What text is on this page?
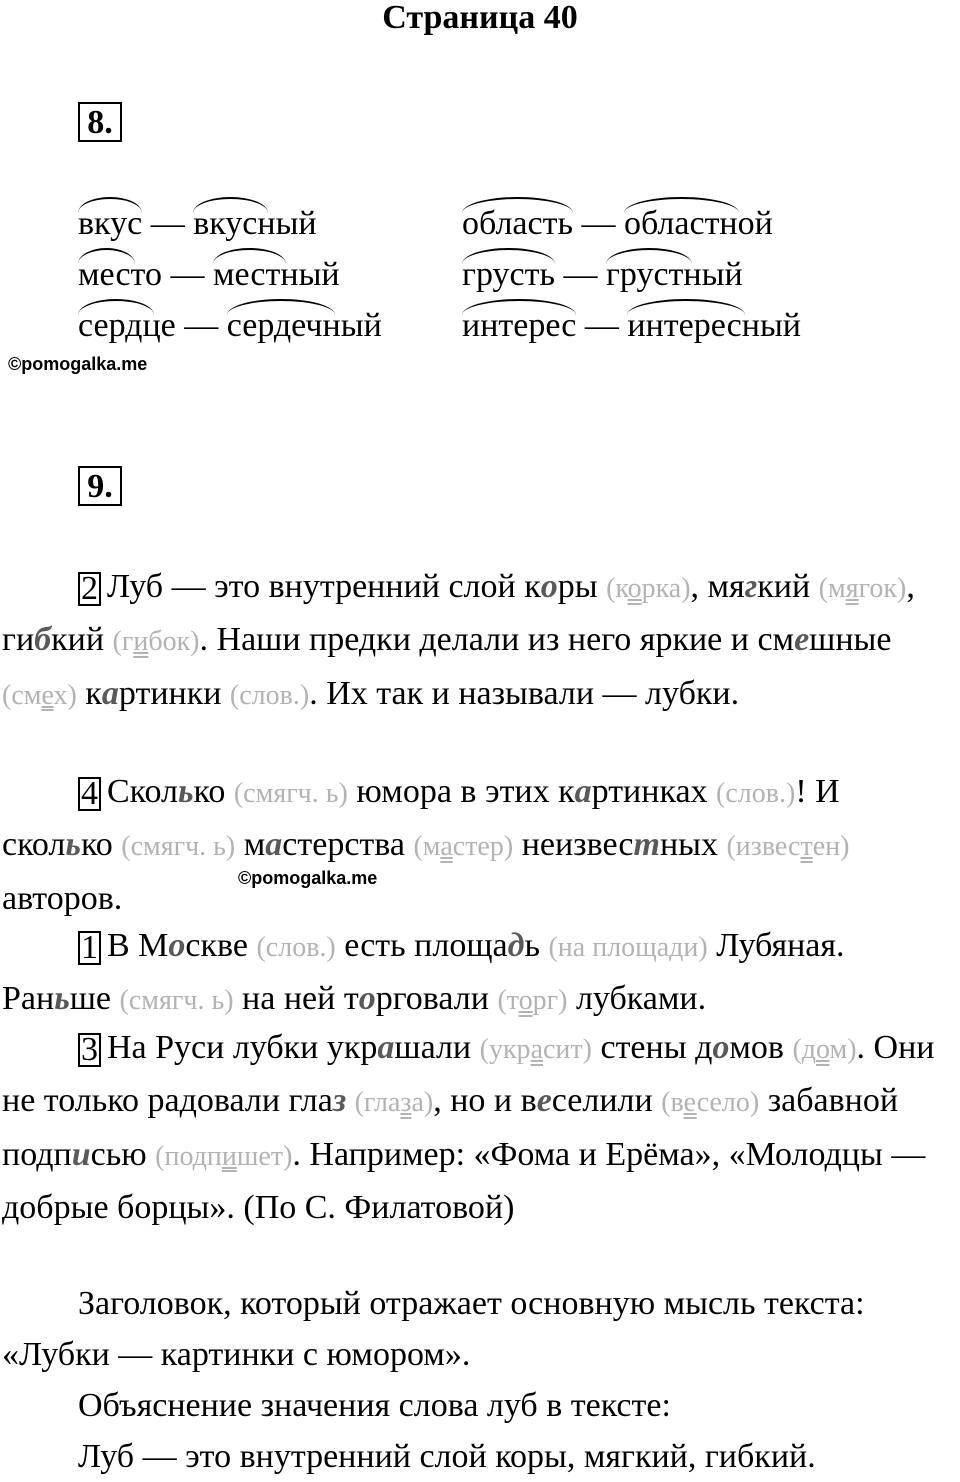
Страница 40
8.
вкус
— вкусный
место
— местный
сердце
— сердечный
область
— областной
грусть
— грустный
интерес
— интересный
©pomogalka.me
9.

2 Луб — это внутренний слой коры (корка), мягкий (мягок), гибкий (гибок). Наши предки делали из него яркие и смешные (смех) картинки (слов.). Их так и называли — лубки.

4 Сколько (смягч. ь) юмора в этих картинках (слов.)! И сколько (смягч. ь) мастерства (мастер) неизвестных (известен) авторов.

©pomogalka.me

1 В Москве (слов.) есть площадь (на площади) Лубяная. Раньше (смягч. ь) на ней торговали (торг) лубками.

3 На Руси лубки украшали (украсит) стены домов (дом). Они не только радовали глаз (глаза), но и веселили (весело) забавной подписью (подпишет). Например: «Фома и Ерёма», «Молодцы — добрые борцы». (По С. Филатовой)

Заголовок, который отражает основную мысль текста: «Лубки — картинки с юмором».

Объяснение значения слова луб в тексте:

Луб — это внутренний слой коры, мягкий, гибкий.
